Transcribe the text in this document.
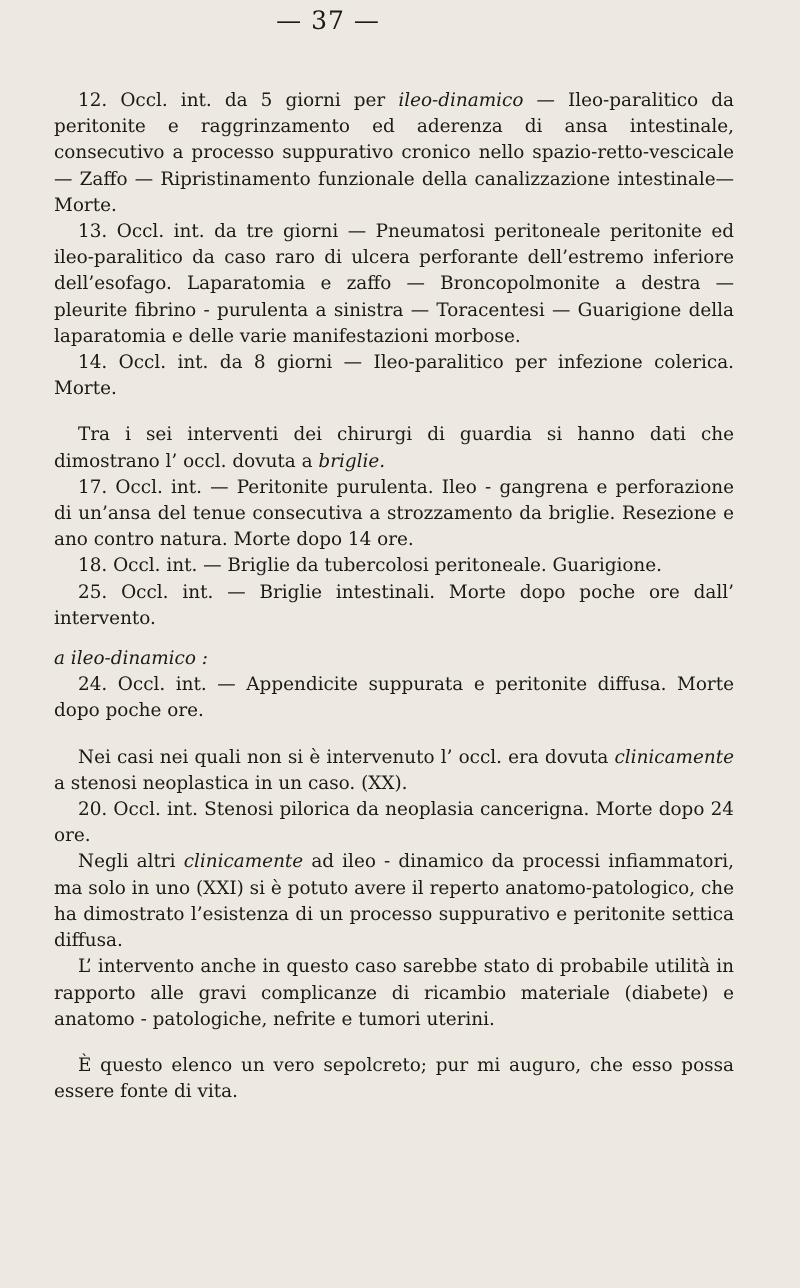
— 37 —

12. Occl. int. da 5 giorni per ileo-dinamico — Ileo-paralitico da peritonite e raggrinzamento ed aderenza di ansa intestinale, consecutivo a processo suppurativo cronico nello spazio-retto-vescicale — Zaffo — Ripristinamento funzionale della canalizzazione intestinale—Morte.

13. Occl. int. da tre giorni — Pneumatosi peritoneale peritonite ed ileo-paralitico da caso raro di ulcera perforante dell’estremo inferiore dell’esofago. Laparatomia e zaffo — Broncopolmonite a destra — pleurite fibrino - purulenta a sinistra — Toracentesi — Guarigione della laparatomia e delle varie manifestazioni morbose.

14. Occl. int. da 8 giorni — Ileo-paralitico per infezione colerica. Morte.

Tra i sei interventi dei chirurgi di guardia si hanno dati che dimostrano l’ occl. dovuta a briglie.

17. Occl. int. — Peritonite purulenta. Ileo - gangrena e perforazione di un’ansa del tenue consecutiva a strozzamento da briglie. Resezione e ano contro natura. Morte dopo 14 ore.

18. Occl. int. — Briglie da tubercolosi peritoneale. Guarigione.

25. Occl. int. — Briglie intestinali. Morte dopo poche ore dall’ intervento.

a ileo-dinamico :

24. Occl. int. — Appendicite suppurata e peritonite diffusa. Morte dopo poche ore.

Nei casi nei quali non si è intervenuto l’ occl. era dovuta clinicamente a stenosi neoplastica in un caso. (XX).

20. Occl. int. Stenosi pilorica da neoplasia cancerigna. Morte dopo 24 ore.

Negli altri clinicamente ad ileo - dinamico da processi infiammatori, ma solo in uno (XXI) si è potuto avere il reperto anatomo-patologico, che ha dimostrato l’esistenza di un processo suppurativo e peritonite settica diffusa.

L’ intervento anche in questo caso sarebbe stato di probabile utilità in rapporto alle gravi complicanze di ricambio materiale (diabete) e anatomo - patologiche, nefrite e tumori uterini.

È questo elenco un vero sepolcreto; pur mi auguro, che esso possa essere fonte di vita.
